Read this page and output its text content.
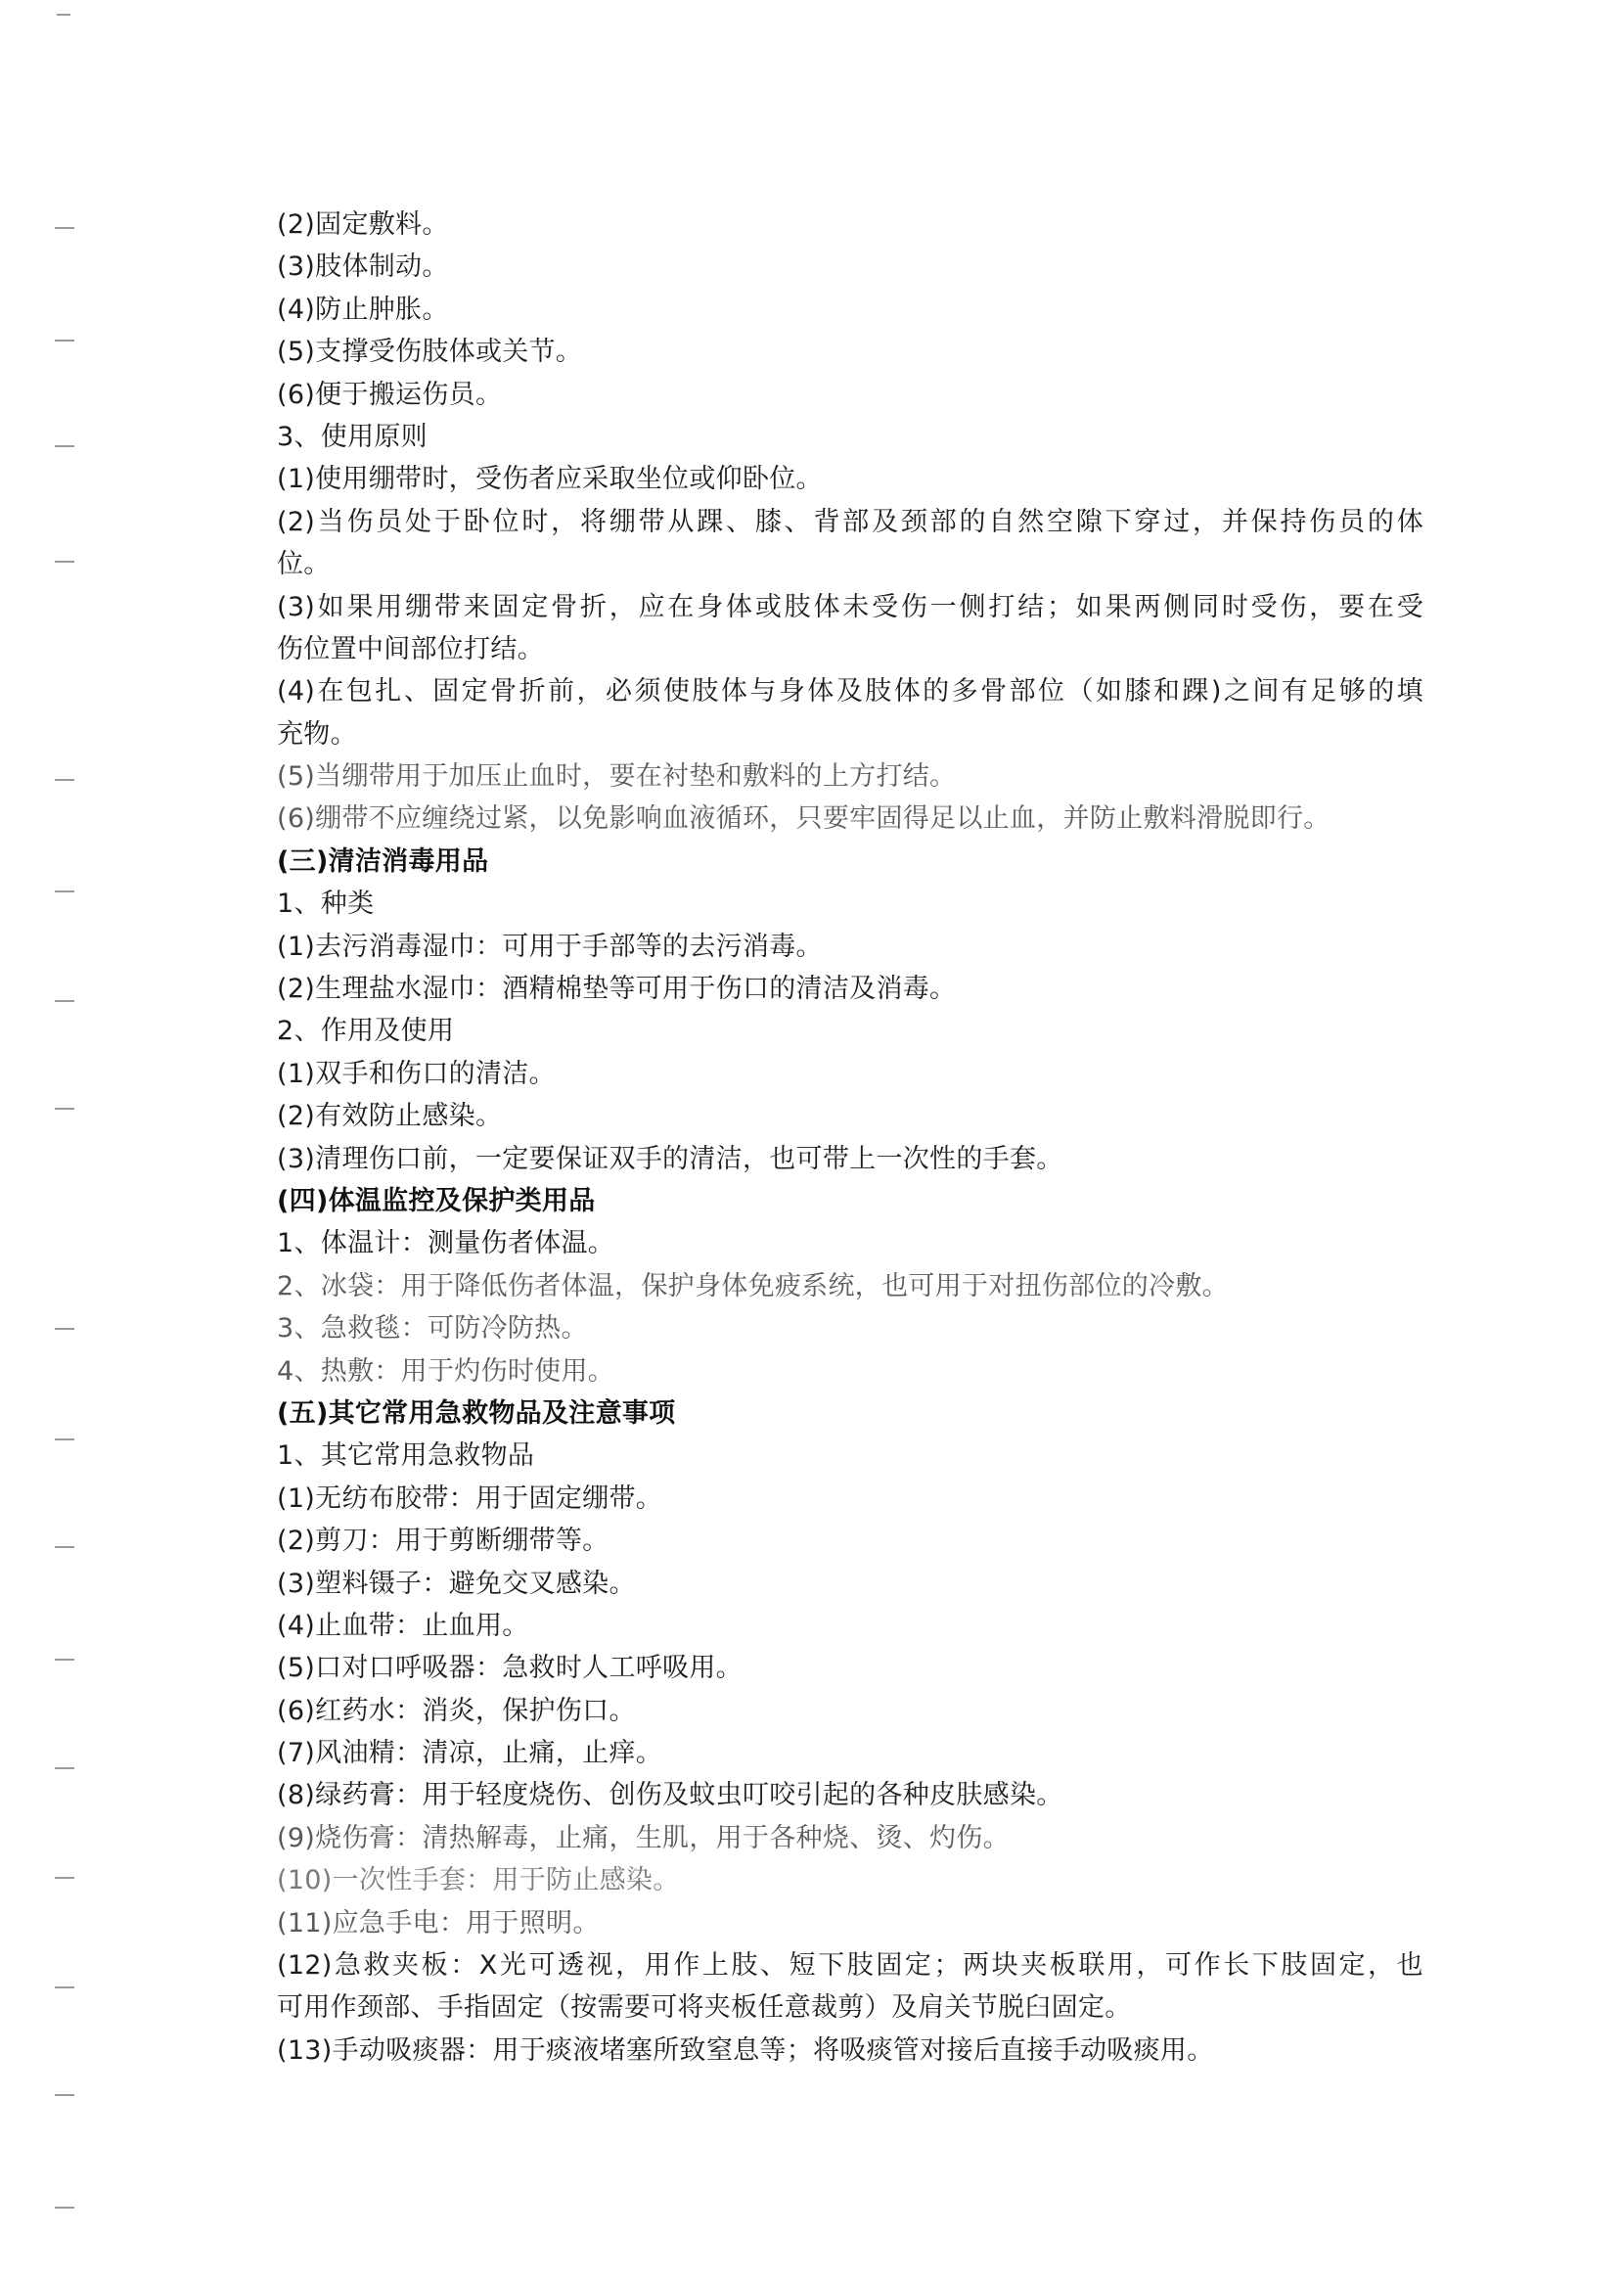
(2)固定敷料。
(3)肢体制动。
(4)防止肿胀。
(5)支撑受伤肢体或关节。
(6)便于搬运伤员。
3、使用原则
(1)使用绷带时，受伤者应采取坐位或仰卧位。
(2)当伤员处于卧位时，将绷带从踝、膝、背部及颈部的自然空隙下穿过，并保持伤员的体
位。
(3)如果用绷带来固定骨折，应在身体或肢体未受伤一侧打结；如果两侧同时受伤，要在受
伤位置中间部位打结。
(4)在包扎、固定骨折前，必须使肢体与身体及肢体的多骨部位（如膝和踝)之间有足够的填
充物。
(5)当绷带用于加压止血时，要在衬垫和敷料的上方打结。
(6)绷带不应缠绕过紧，以免影响血液循环，只要牢固得足以止血，并防止敷料滑脱即行。
(三)清洁消毒用品
1、种类
(1)去污消毒湿巾：可用于手部等的去污消毒。
(2)生理盐水湿巾：酒精棉垫等可用于伤口的清洁及消毒。
2、作用及使用
(1)双手和伤口的清洁。
(2)有效防止感染。
(3)清理伤口前，一定要保证双手的清洁，也可带上一次性的手套。
(四)体温监控及保护类用品
1、体温计：测量伤者体温。
2、冰袋：用于降低伤者体温，保护身体免疲系统，也可用于对扭伤部位的冷敷。
3、急救毯：可防冷防热。
4、热敷：用于灼伤时使用。
(五)其它常用急救物品及注意事项
1、其它常用急救物品
(1)无纺布胶带：用于固定绷带。
(2)剪刀：用于剪断绷带等。
(3)塑料镊子：避免交叉感染。
(4)止血带：止血用。
(5)口对口呼吸器：急救时人工呼吸用。
(6)红药水：消炎，保护伤口。
(7)风油精：清凉，止痛，止痒。
(8)绿药膏：用于轻度烧伤、创伤及蚊虫叮咬引起的各种皮肤感染。
(9)烧伤膏：清热解毒，止痛，生肌，用于各种烧、烫、灼伤。
(10)一次性手套：用于防止感染。
(11)应急手电：用于照明。
(12)急救夹板：X光可透视，用作上肢、短下肢固定；两块夹板联用，可作长下肢固定，也
可用作颈部、手指固定（按需要可将夹板任意裁剪）及肩关节脱臼固定。
(13)手动吸痰器：用于痰液堵塞所致窒息等；将吸痰管对接后直接手动吸痰用。
